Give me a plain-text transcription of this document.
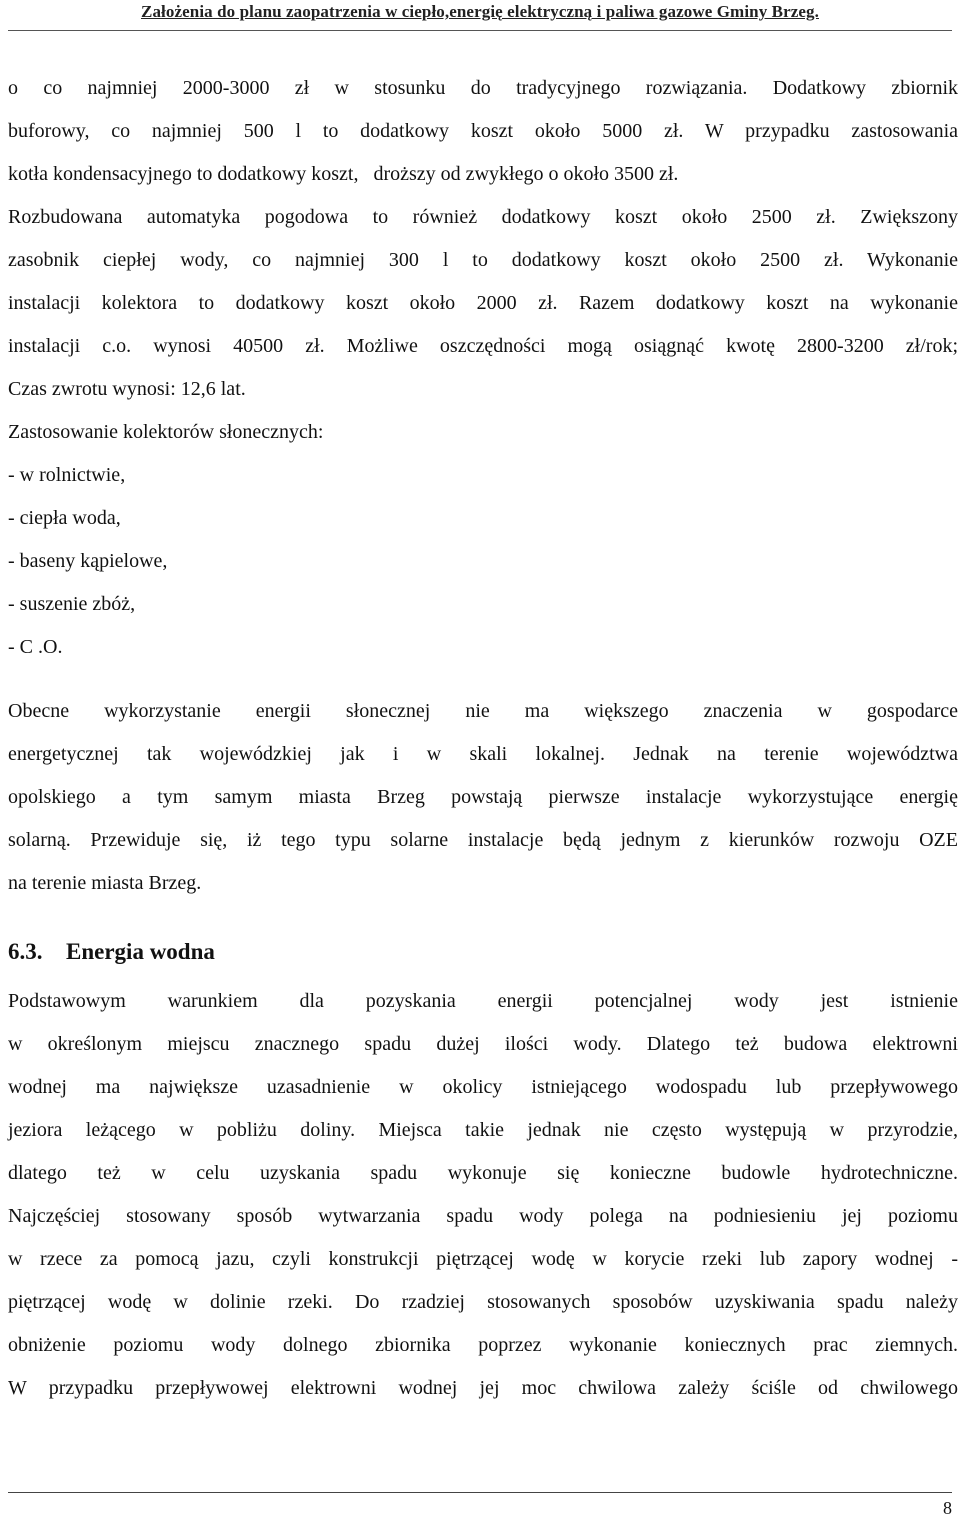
Założenia do planu zaopatrzenia w ciepło,energię elektryczną i paliwa gazowe Gminy Brzeg.

o co najmniej 2000-3000 zł w stosunku do tradycyjnego rozwiązania. Dodatkowy zbiornik
buforowy, co najmniej 500 l to dodatkowy koszt około 5000 zł. W przypadku zastosowania
kotła kondensacyjnego to dodatkowy koszt,   droższy od zwykłego o około 3500 zł.
Rozbudowana automatyka pogodowa to również dodatkowy koszt około 2500 zł. Zwiększony
zasobnik ciepłej wody, co najmniej 300 l to dodatkowy koszt około 2500 zł. Wykonanie
instalacji kolektora to dodatkowy koszt około 2000 zł. Razem dodatkowy koszt na wykonanie
instalacji c.o. wynosi 40500 zł. Możliwe oszczędności mogą osiągnąć kwotę 2800-3200 zł/rok;
Czas zwrotu wynosi: 12,6 lat.

Zastosowanie kolektorów słonecznych:

- w rolnictwie,
- ciepła woda,
- baseny kąpielowe,
- suszenie zbóż,
- C .O.

Obecne wykorzystanie energii słonecznej nie ma większego znaczenia w gospodarce
energetycznej tak wojewódzkiej jak i w skali lokalnej. Jednak na terenie województwa
opolskiego a tym samym miasta Brzeg powstają pierwsze instalacje wykorzystujące energię
solarną. Przewiduje się, iż tego typu solarne instalacje będą jednym z kierunków rozwoju OZE
na terenie miasta Brzeg.

6.3. Energia wodna

Podstawowym warunkiem dla pozyskania energii potencjalnej wody jest istnienie
w określonym miejscu znacznego spadu dużej ilości wody. Dlatego też budowa elektrowni
wodnej ma największe uzasadnienie w okolicy istniejącego wodospadu lub przepływowego
jeziora leżącego w pobliżu doliny. Miejsca takie jednak nie często występują w przyrodzie,
dlatego też w celu uzyskania spadu wykonuje się konieczne budowle hydrotechniczne.
Najczęściej stosowany sposób wytwarzania spadu wody polega na podniesieniu jej poziomu
w rzece za pomocą jazu, czyli konstrukcji piętrzącej wodę w korycie rzeki lub zapory wodnej -
piętrzącej wodę w dolinie rzeki. Do rzadziej stosowanych sposobów uzyskiwania spadu należy
obniżenie poziomu wody dolnego zbiornika poprzez wykonanie koniecznych prac ziemnych.
W przypadku przepływowej elektrowni wodnej jej moc chwilowa zależy ściśle od chwilowego

8
